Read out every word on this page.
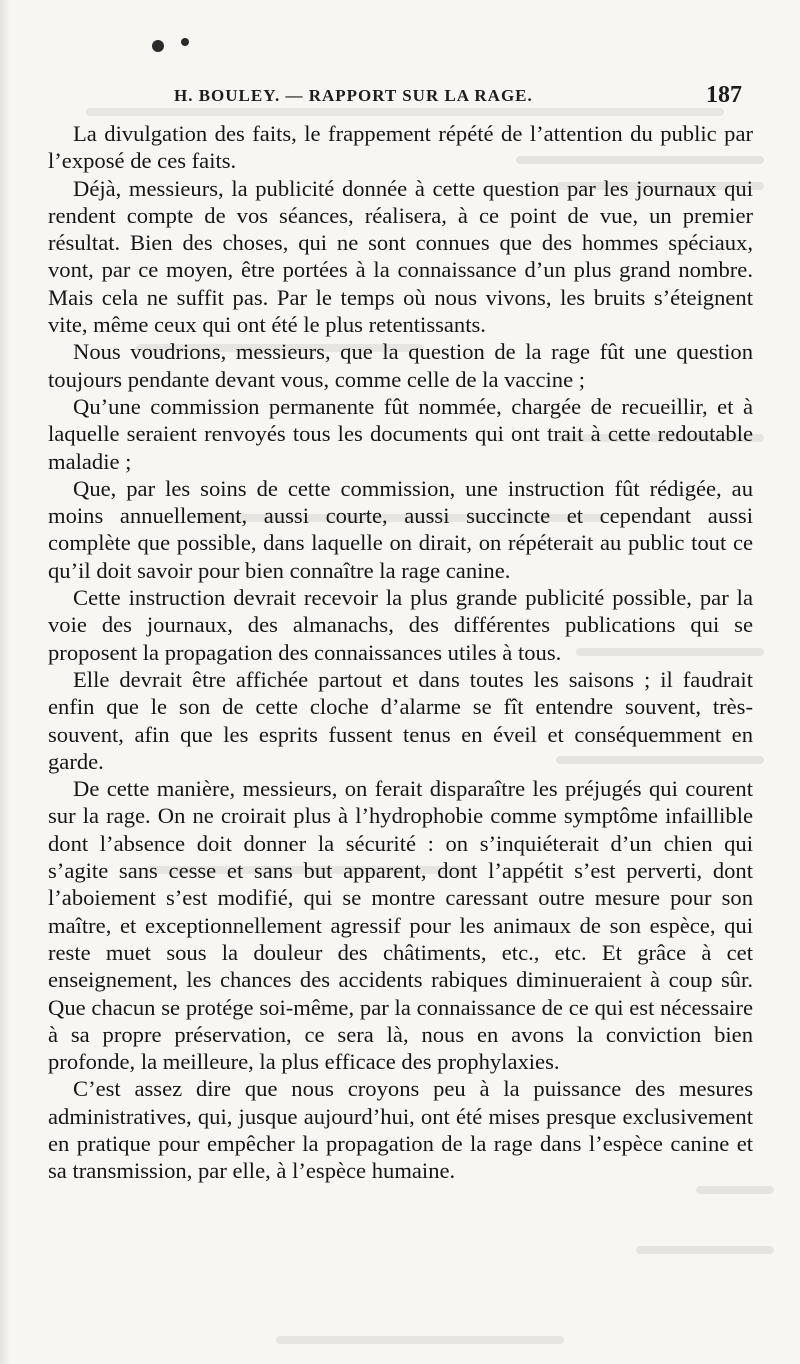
H. BOULEY. — RAPPORT SUR LA RAGE.	187

La divulgation des faits, le frappement répété de l’attention du public par l’exposé de ces faits.

Déjà, messieurs, la publicité donnée à cette question par les journaux qui rendent compte de vos séances, réalisera, à ce point de vue, un premier résultat. Bien des choses, qui ne sont connues que des hommes spéciaux, vont, par ce moyen, être portées à la connaissance d’un plus grand nombre. Mais cela ne suffit pas. Par le temps où nous vivons, les bruits s’éteignent vite, même ceux qui ont été le plus retentissants.

Nous voudrions, messieurs, que la question de la rage fût une question toujours pendante devant vous, comme celle de la vaccine ;

Qu’une commission permanente fût nommée, chargée de recueillir, et à laquelle seraient renvoyés tous les documents qui ont trait à cette redoutable maladie ;

Que, par les soins de cette commission, une instruction fût rédigée, au moins annuellement, aussi courte, aussi succincte et cependant aussi complète que possible, dans laquelle on dirait, on répéterait au public tout ce qu’il doit savoir pour bien connaître la rage canine.

Cette instruction devrait recevoir la plus grande publicité possible, par la voie des journaux, des almanachs, des différentes publications qui se proposent la propagation des connaissances utiles à tous.

Elle devrait être affichée partout et dans toutes les saisons ; il faudrait enfin que le son de cette cloche d’alarme se fît entendre souvent, très-souvent, afin que les esprits fussent tenus en éveil et conséquemment en garde.

De cette manière, messieurs, on ferait disparaître les préjugés qui courent sur la rage. On ne croirait plus à l’hydrophobie comme symptôme infaillible dont l’absence doit donner la sécurité : on s’inquiéterait d’un chien qui s’agite sans cesse et sans but apparent, dont l’appétit s’est perverti, dont l’aboiement s’est modifié, qui se montre caressant outre mesure pour son maître, et exceptionnellement agressif pour les animaux de son espèce, qui reste muet sous la douleur des châtiments, etc., etc. Et grâce à cet enseignement, les chances des accidents rabiques diminueraient à coup sûr. Que chacun se protége soi-même, par la connaissance de ce qui est nécessaire à sa propre préservation, ce sera là, nous en avons la conviction bien profonde, la meilleure, la plus efficace des prophylaxies.

C’est assez dire que nous croyons peu à la puissance des mesures administratives, qui, jusque aujourd’hui, ont été mises presque exclusivement en pratique pour empêcher la propagation de la rage dans l’espèce canine et sa transmission, par elle, à l’espèce humaine.
